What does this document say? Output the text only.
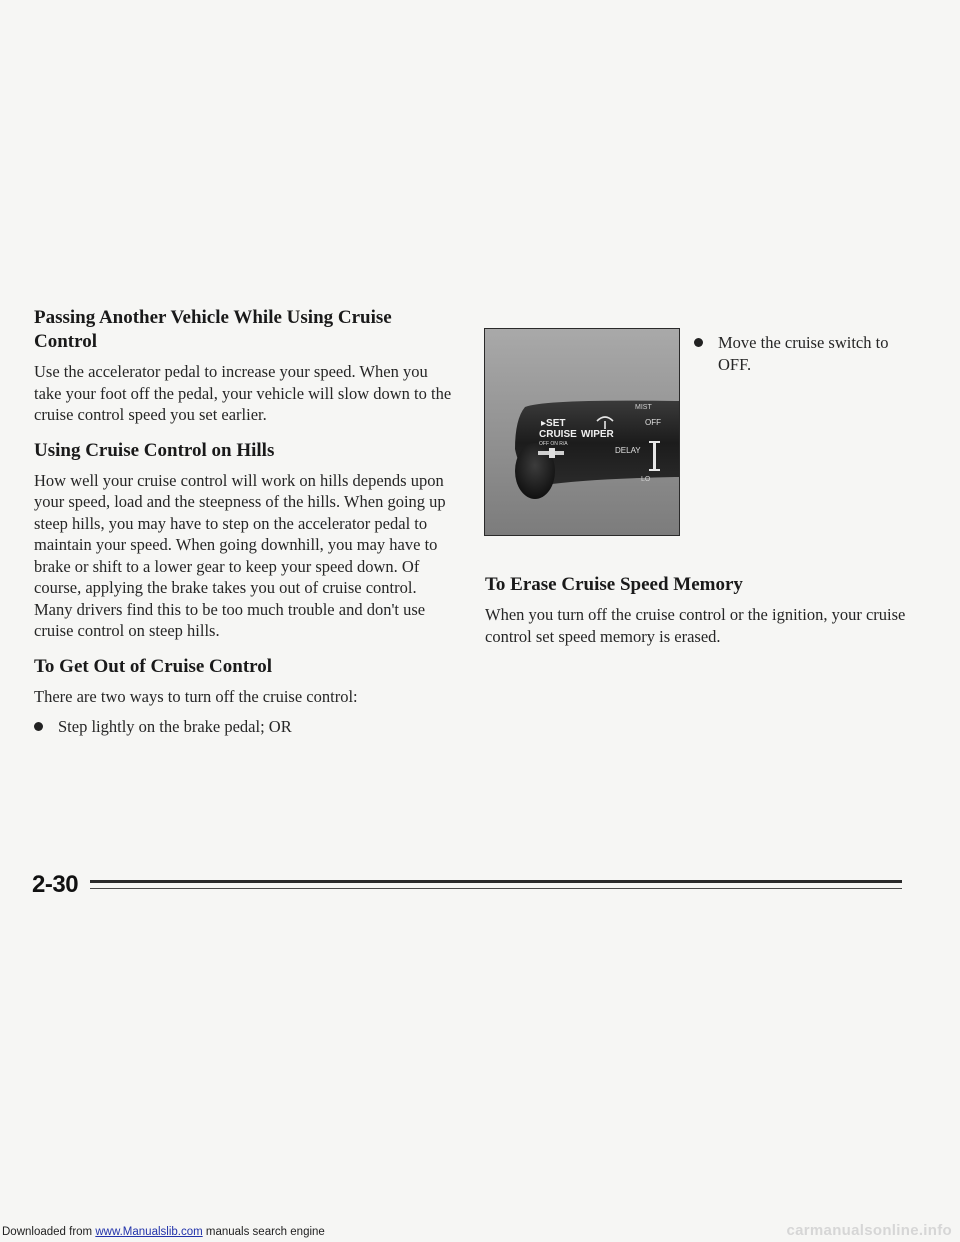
Passing Another Vehicle While Using Cruise Control

Use the accelerator pedal to increase your speed. When you take your foot off the pedal, your vehicle will slow down to the cruise control speed you set earlier.

Using Cruise Control on Hills

How well your cruise control will work on hills depends upon your speed, load and the steepness of the hills. When going up steep hills, you may have to step on the accelerator pedal to maintain your speed. When going downhill, you may have to brake or shift to a lower gear to keep your speed down. Of course, applying the brake takes you out of cruise control. Many drivers find this to be too much trouble and don't use cruise control on steep hills.

To Get Out of Cruise Control

There are two ways to turn off the cruise control:

Step lightly on the brake pedal; OR
▸SET
CRUISE WIPER
OFF ON R/A
MIST
OFF
DELAY
LO
Move the cruise switch to OFF.
To Erase Cruise Speed Memory

When you turn off the cruise control or the ignition, your cruise control set speed memory is erased.

2-30
Downloaded from www.Manualslib.com manuals search engine	carmanualsonline.info
